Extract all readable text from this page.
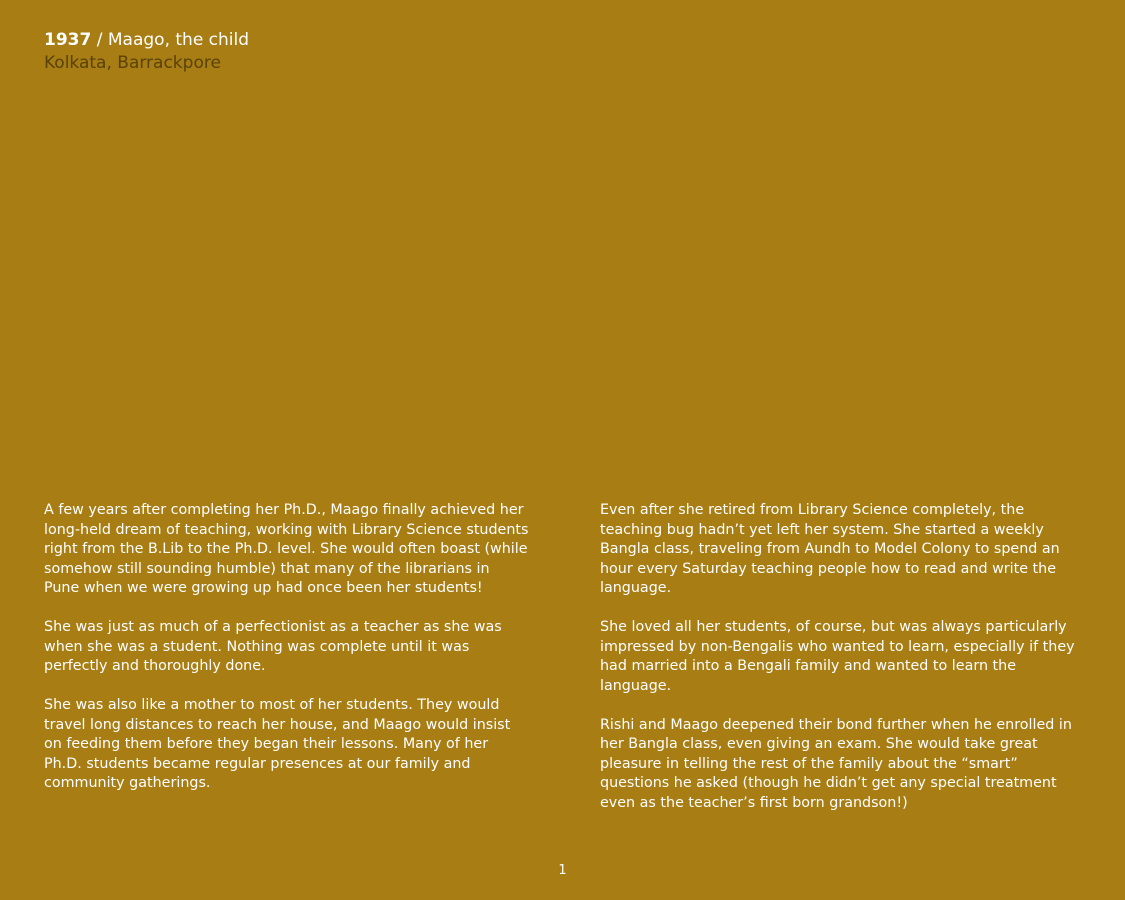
1937 / Maago, the child
Kolkata, Barrackpore

A few years after completing her Ph.D., Maago finally achieved her long-held dream of teaching, working with Library Science students right from the B.Lib to the Ph.D. level. She would often boast (while somehow still sounding humble) that many of the librarians in Pune when we were growing up had once been her students!

She was just as much of a perfectionist as a teacher as she was when she was a student. Nothing was complete until it was perfectly and thoroughly done.

She was also like a mother to most of her students. They would travel long distances to reach her house, and Maago would insist on feeding them before they began their lessons. Many of her Ph.D. students became regular presences at our family and community gatherings.

Even after she retired from Library Science completely, the teaching bug hadn’t yet left her system. She started a weekly Bangla class, traveling from Aundh to Model Colony to spend an hour every Saturday teaching people how to read and write the language.

She loved all her students, of course, but was always particularly impressed by non-Bengalis who wanted to learn, especially if they had married into a Bengali family and wanted to learn the language.

Rishi and Maago deepened their bond further when he enrolled in her Bangla class, even giving an exam. She would take great pleasure in telling the rest of the family about the “smart” questions he asked (though he didn’t get any special treatment even as the teacher’s first born grandson!)

1
